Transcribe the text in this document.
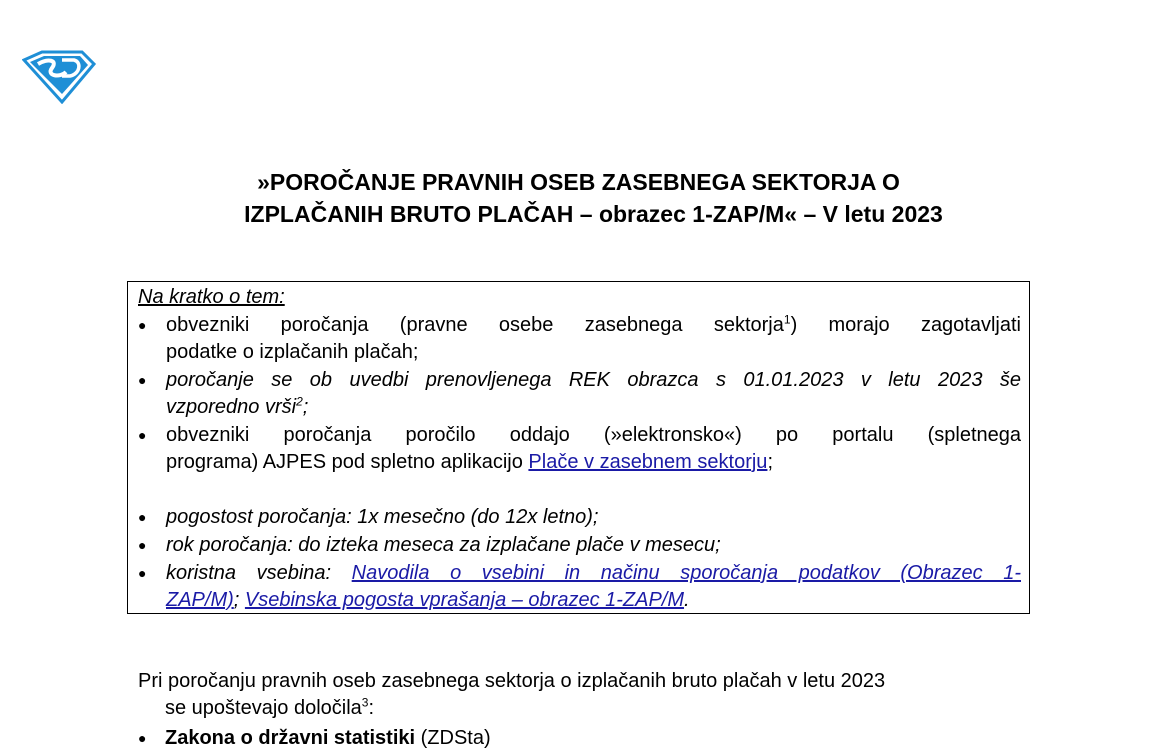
»POROČANJE PRAVNIH OSEB ZASEBNEGA SEKTORJA O
IZPLAČANIH BRUTO PLAČAH – obrazec 1-ZAP/M« – V letu 2023
Na kratko o tem:
● obvezniki poročanja (pravne osebe zasebnega sektorja$^1$) morajo zagotavljati
podatke o izplačanih plačah;
● poročanje se ob uvedbi prenovljenega REK obrazca s 01.01.2023 v letu 2023 še
vzporedno vrši$^2$;
● obvezniki poročanja poročilo oddajo (»elektronsko«) po portalu (spletnega
programa) AJPES pod spletno aplikacijo Plače v zasebnem sektorju;
● pogostost poročanja: 1x mesečno (do 12x letno);
● rok poročanja: do izteka meseca za izplačane plače v mesecu;
● koristna vsebina: Navodila o vsebini in načinu sporočanja podatkov (Obrazec 1-
ZAP/M); Vsebinska pogosta vprašanja – obrazec 1-ZAP/M.
Pri poročanju pravnih oseb zasebnega sektorja o izplačanih bruto plačah v letu 2023
se upoštevajo določila$^3$:
● Zakona o državni statistiki (ZDSta)
